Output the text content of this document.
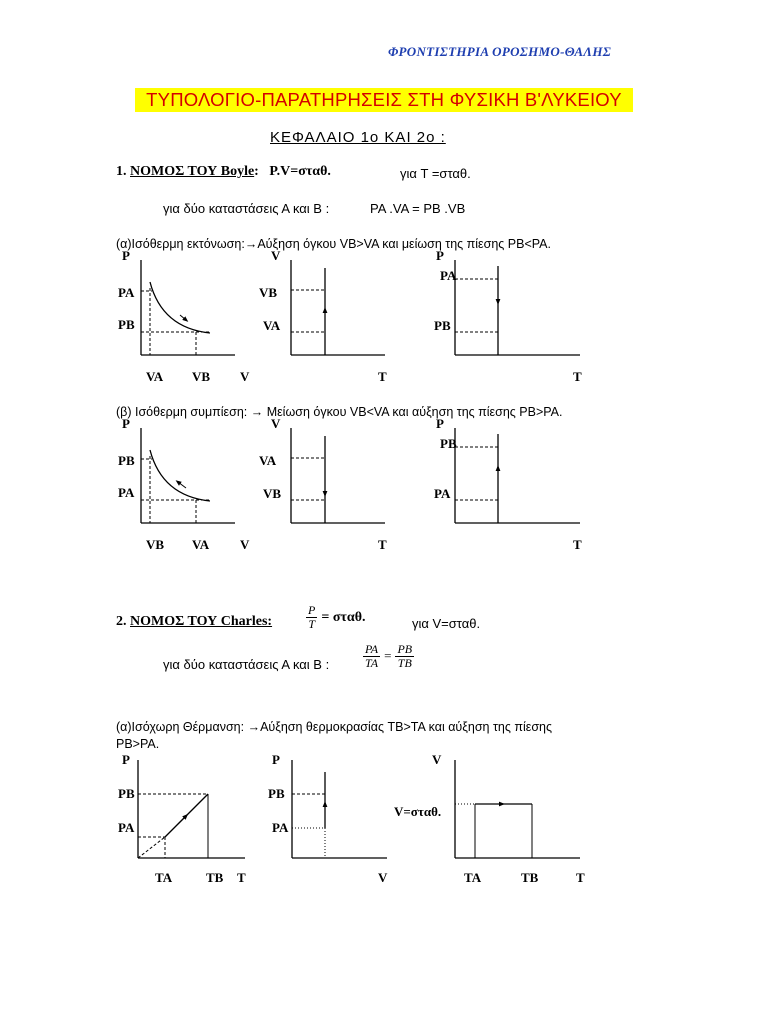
ΦΡΟΝΤΙΣΤΗΡΙΑ ΟΡΟΣΗΜΟ-ΘΑΛΗΣ
ΤΥΠΟΛΟΓΙΟ-ΠΑΡΑΤΗΡΗΣΕΙΣ ΣΤΗ ΦΥΣΙΚΗ Β'ΛΥΚΕΙΟΥ
ΚΕΦΑΛΑΙΟ 1ο ΚΑΙ 2ο :
1. ΝΟΜΟΣ ΤΟΥ Boyle: P.V=σταθ.	για T =σταθ.
για δύο καταστάσεις Α και Β :	PA .VA = PB .VB
(α)Ισόθερμη εκτόνωση:→Αύξηση όγκου VB>VA και μείωση της πίεσης PB<PA.
P
PA
PB
VA VB V
V
VB
VA
T
P
PA
PB
T
(β) Ισόθερμη συμπίεση: → Μείωση όγκου VB<VA και αύξηση της πίεσης PB>PA.
P
PB
PA
VB VA V
V
VA
VB
T
P
PB
PA
T
2. ΝΟΜΟΣ ΤΟΥ Charles:	$\frac{P}{T} = \sigma\tau\alpha\theta$.	για V=σταθ.
για δύο καταστάσεις Α και Β :	$\frac{PA}{TA} = \frac{PB}{TB}$
(α)Ισόχωρη Θέρμανση: →Αύξηση θερμοκρασίας TB>TA και αύξηση της πίεσης
PB>PA.
P
PB
PA
TA	TB T
P
PB
PA
V
V
V=σταθ.
TA	TB	T
